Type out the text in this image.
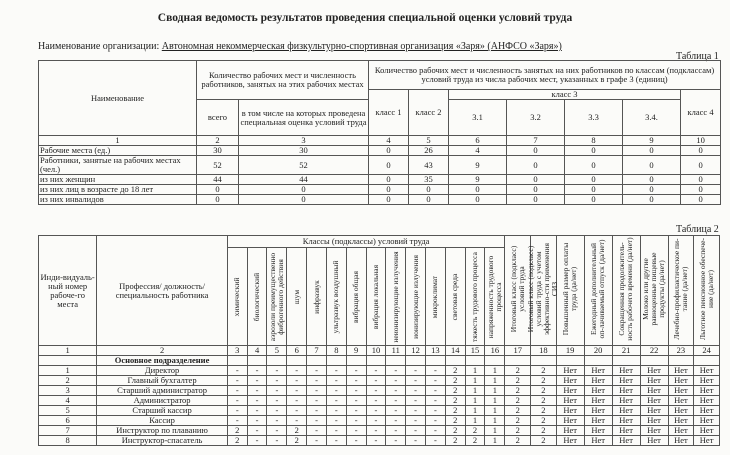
Сводная ведомость результатов проведения специальной оценки условий труда
Наименование организации: Автономная некоммерческая физкультурно-спортивная организация «Заря» (АНФСО «Заря»)
Таблица 1
Наименование	Количество рабочих мест и численность работников, занятых на этих рабочих местах		Количество рабочих мест и численность занятых на них работников по классам (подклассам) условий труда из числа рабочих мест, указанных в графе 3 (единиц)						
			класс 1	класс 2	класс 3				класс 4
	всего	в том числе на которых проведена специальная оценка условий труда			3.1	3.2	3.3	3.4.	
1	2	3	4	5	6	7	8	9	10
Рабочие места (ед.)	30	30	0	26	4	0	0	0	0
Работники, занятые на рабочих местах (чел.)	52	52	0	43	9	0	0	0	0
из них женщин	44	44	0	35	9	0	0	0	0
из них лиц в возрасте до 18 лет	0	0	0	0	0	0	0	0	0
из них инвалидов	0	0	0	0	0	0	0	0	0
Таблица 2
Инди-видуаль-ный номер рабоче-го места	Профессия/ должность/ специальность работника	Классы (подклассы) условий труда														Итоговый класс (подкласс) условий труда	Итоговый класс (подкласс) условий труда с учетом эффективно-сти применения СИЗ	Повышенный размер оплаты труда (да/нет)	Ежегодный дополнительный оп-лачиваемый отпуск (да/нет)	Сокращенная продолжитель-ность рабочего времени (да/нет)	Молоко или другие равноценные пищевые продукты (да/нет)	Лечебно-профилактическое пи-тание (да/нет)	Льготное пенсионное обеспече-ние (да/нет)

		химический	биологический	аэрозоли преимущественно фиброгенного действия	шум	инфразвук	ультразвук воздушный	вибрация общая	вибрация локальная	неионизирующие излучения	ионизирующие излучения	микроклимат	световая среда	тяжесть трудового процесса	напряженность трудового процесса								

1	2	3	4	5	6	7	8	9	10	11	12	13	14	15	16	17	18	19	20	21	22	23	24
	Основное подразделение																						
1	Директор	-	-	-	-	-	-	-	-	-	-	-	2	1	1	2	2	Нет	Нет	Нет	Нет	Нет	Нет
2	Главный бухгалтер	-	-	-	-	-	-	-	-	-	-	-	2	1	1	2	2	Нет	Нет	Нет	Нет	Нет	Нет
3	Старший администратор	-	-	-	-	-	-	-	-	-	-	-	2	1	1	2	2	Нет	Нет	Нет	Нет	Нет	Нет
4	Администратор	-	-	-	-	-	-	-	-	-	-	-	2	1	1	2	2	Нет	Нет	Нет	Нет	Нет	Нет
5	Старший кассир	-	-	-	-	-	-	-	-	-	-	-	2	1	1	2	2	Нет	Нет	Нет	Нет	Нет	Нет
6	Кассир	-	-	-	-	-	-	-	-	-	-	-	2	1	1	2	2	Нет	Нет	Нет	Нет	Нет	Нет
7	Инструктор по плаванию	2	-	-	2	-	-	-	-	-	-	-	2	2	1	2	2	Нет	Нет	Нет	Нет	Нет	Нет
8	Инструктор-спасатель	2	-	-	2	-	-	-	-	-	-	-	2	2	1	2	2	Нет	Нет	Нет	Нет	Нет	Нет
